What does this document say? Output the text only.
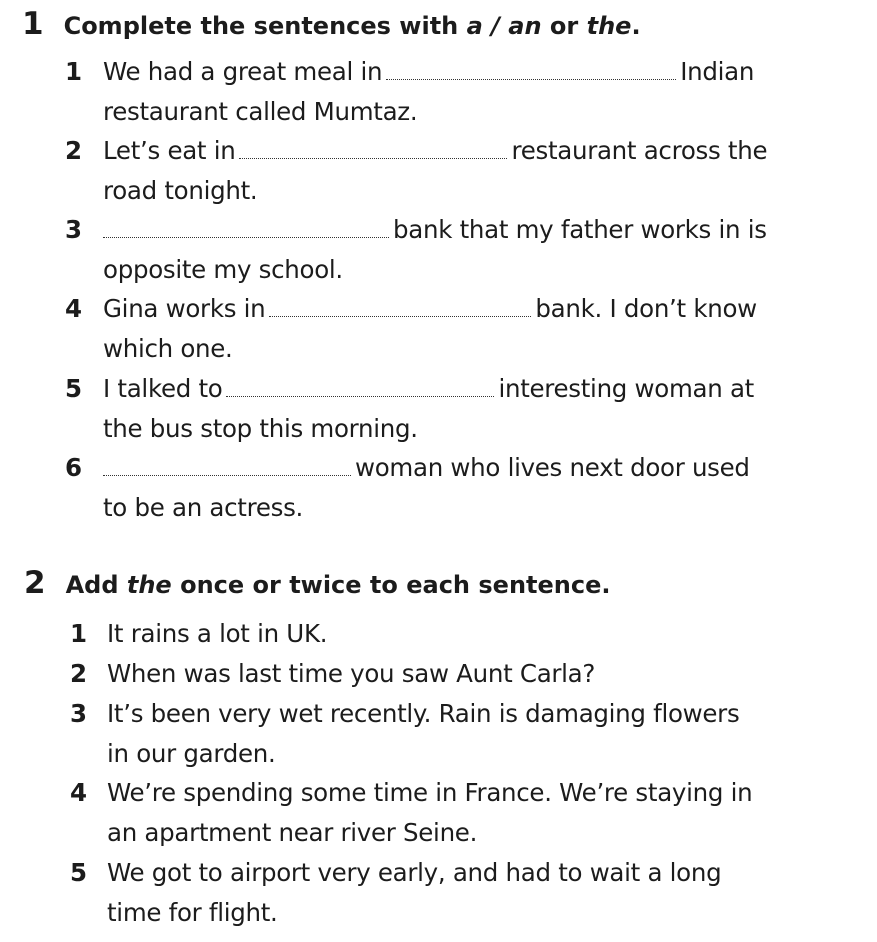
1 Complete the sentences with a / an or the.
1 We had a great meal in	Indian
restaurant called Mumtaz.
2 Let’s eat in	restaurant across the
road tonight.
3	bank that my father works in is
opposite my school.
4 Gina works in	bank. I don’t know
which one.
5 I talked to	interesting woman at
the bus stop this morning.
6	woman who lives next door used
to be an actress.
2 Add the once or twice to each sentence.
1 It rains a lot in UK.
2 When was last time you saw Aunt Carla?
3 It’s been very wet recently. Rain is damaging flowers
in our garden.
4 We’re spending some time in France. We’re staying in
an apartment near river Seine.
5 We got to airport very early, and had to wait a long
time for flight.
